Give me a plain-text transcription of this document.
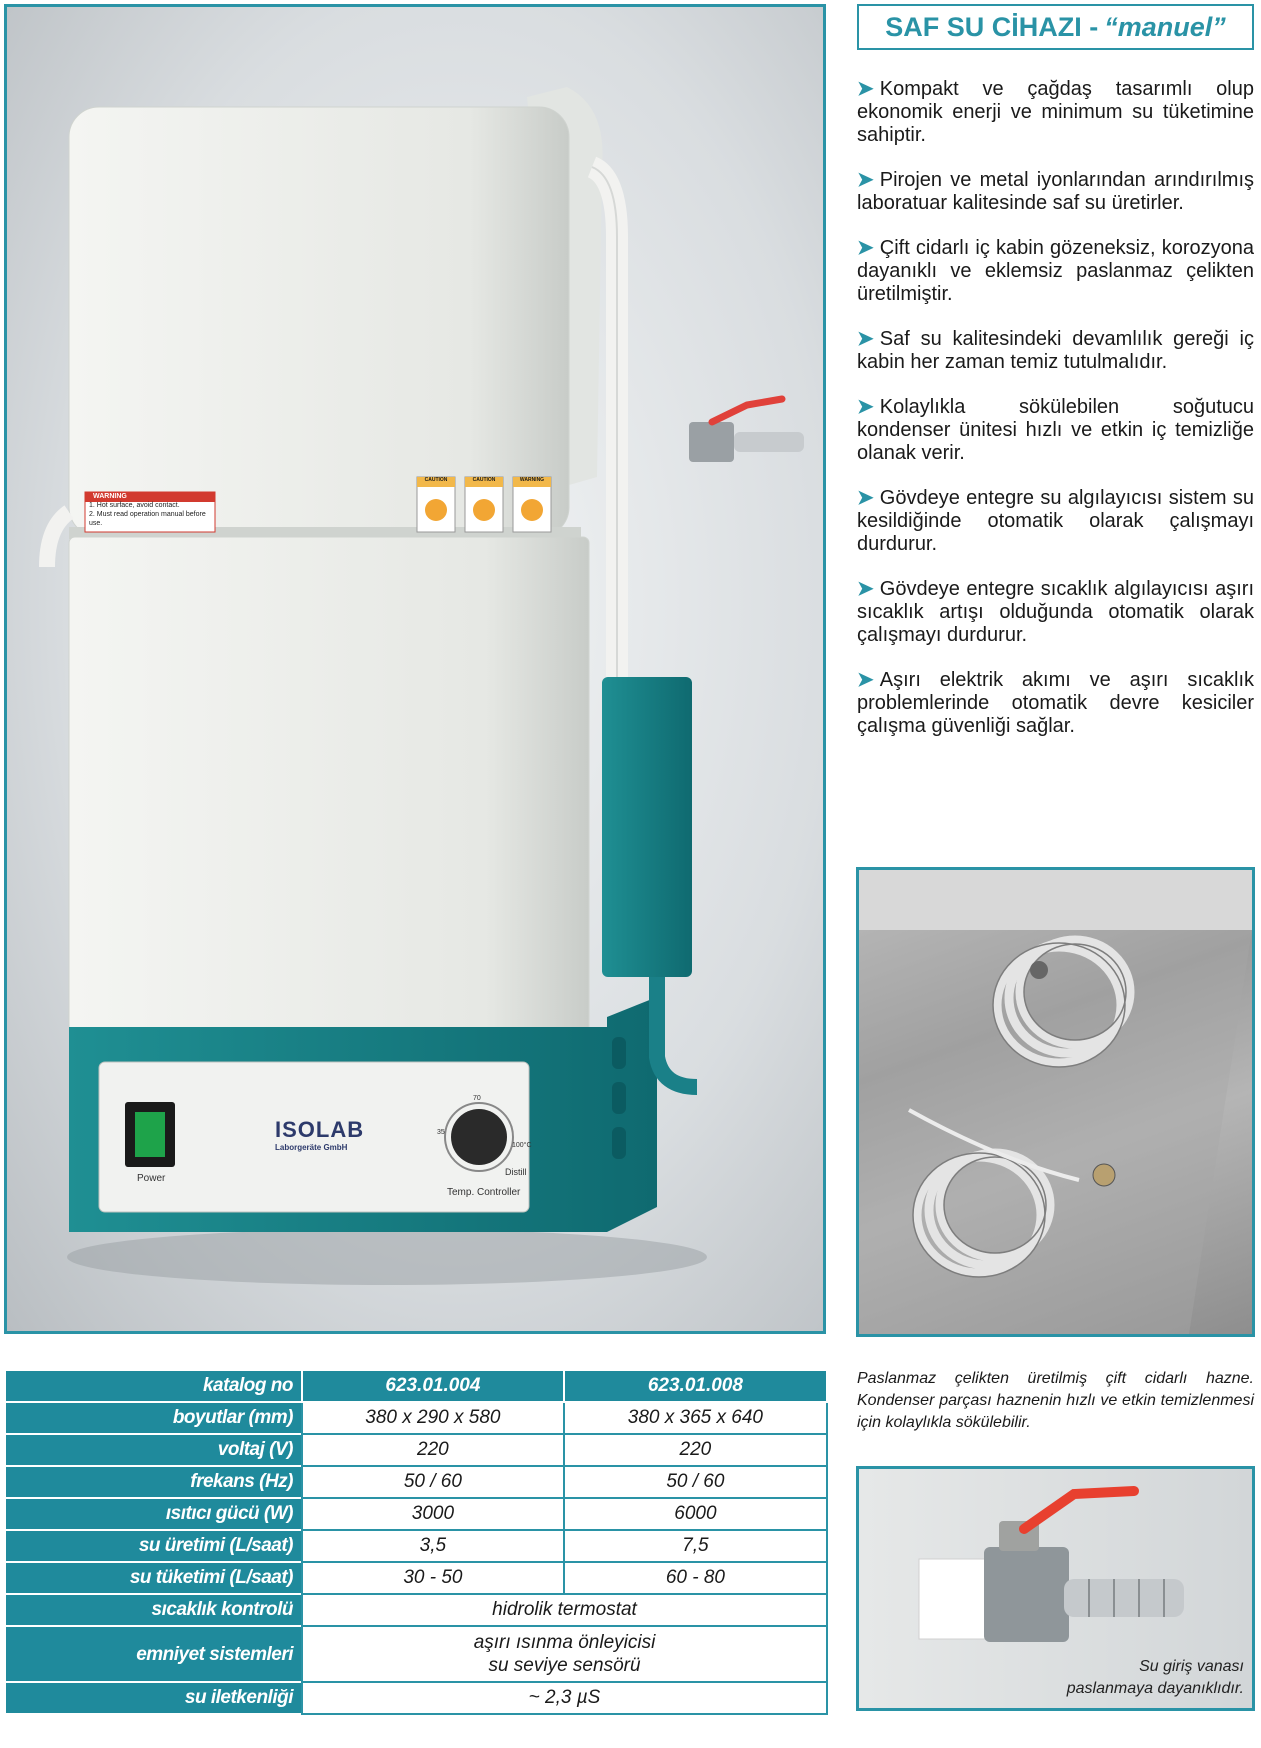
WARNING
1. Hot surface, avoid contact.
2. Must read operation manual before use.
CAUTION	CAUTION	WARNING
ISOLAB
Laborgeräte GmbH
Power
70
35
100°C
Distill
Temp. Controller
SAF SU CİHAZI - “manuel”
➤ Kompakt ve çağdaş tasarımlı olup ekonomik enerji ve minimum su tüketimine sahiptir.
➤ Pirojen ve metal iyonlarından arındırılmış laboratuar kalitesinde saf su üretirler.
➤ Çift cidarlı iç kabin gözeneksiz, korozyona dayanıklı ve eklemsiz paslanmaz çelikten üretilmiştir.
➤ Saf su kalitesindeki devamlılık gereği iç kabin her zaman temiz tutulmalıdır.
➤ Kolaylıkla sökülebilen soğutucu kondenser ünitesi hızlı ve etkin iç temizliğe olanak verir.
➤ Gövdeye entegre su algılayıcısı sistem su kesildiğinde otomatik olarak çalışmayı durdurur.
➤ Gövdeye entegre sıcaklık algılayıcısı aşırı sıcaklık artışı olduğunda otomatik olarak çalışmayı durdurur.
➤ Aşırı elektrik akımı ve aşırı sıcaklık problemlerinde otomatik devre kesiciler çalışma güvenliği sağlar.
Paslanmaz çelikten üretilmiş çift cidarlı hazne. Kondenser parçası haznenin hızlı ve etkin temizlenmesi için kolaylıkla sökülebilir.
Su giriş vanası
paslanmaya dayanıklıdır.
katalog no	623.01.004	623.01.008
boyutlar (mm)	380 x 290 x 580	380 x 365 x 640
voltaj (V)	220	220
frekans (Hz)	50 / 60	50 / 60
ısıtıcı gücü (W)	3000	6000
su üretimi (L/saat)	3,5	7,5
su tüketimi (L/saat)	30 - 50	60 - 80
sıcaklık kontrolü	hidrolik termostat	
emniyet sistemleri	aşırı ısınma önleyicisi
su seviye sensörü	

su iletkenliği	~ 2,3 µS	
